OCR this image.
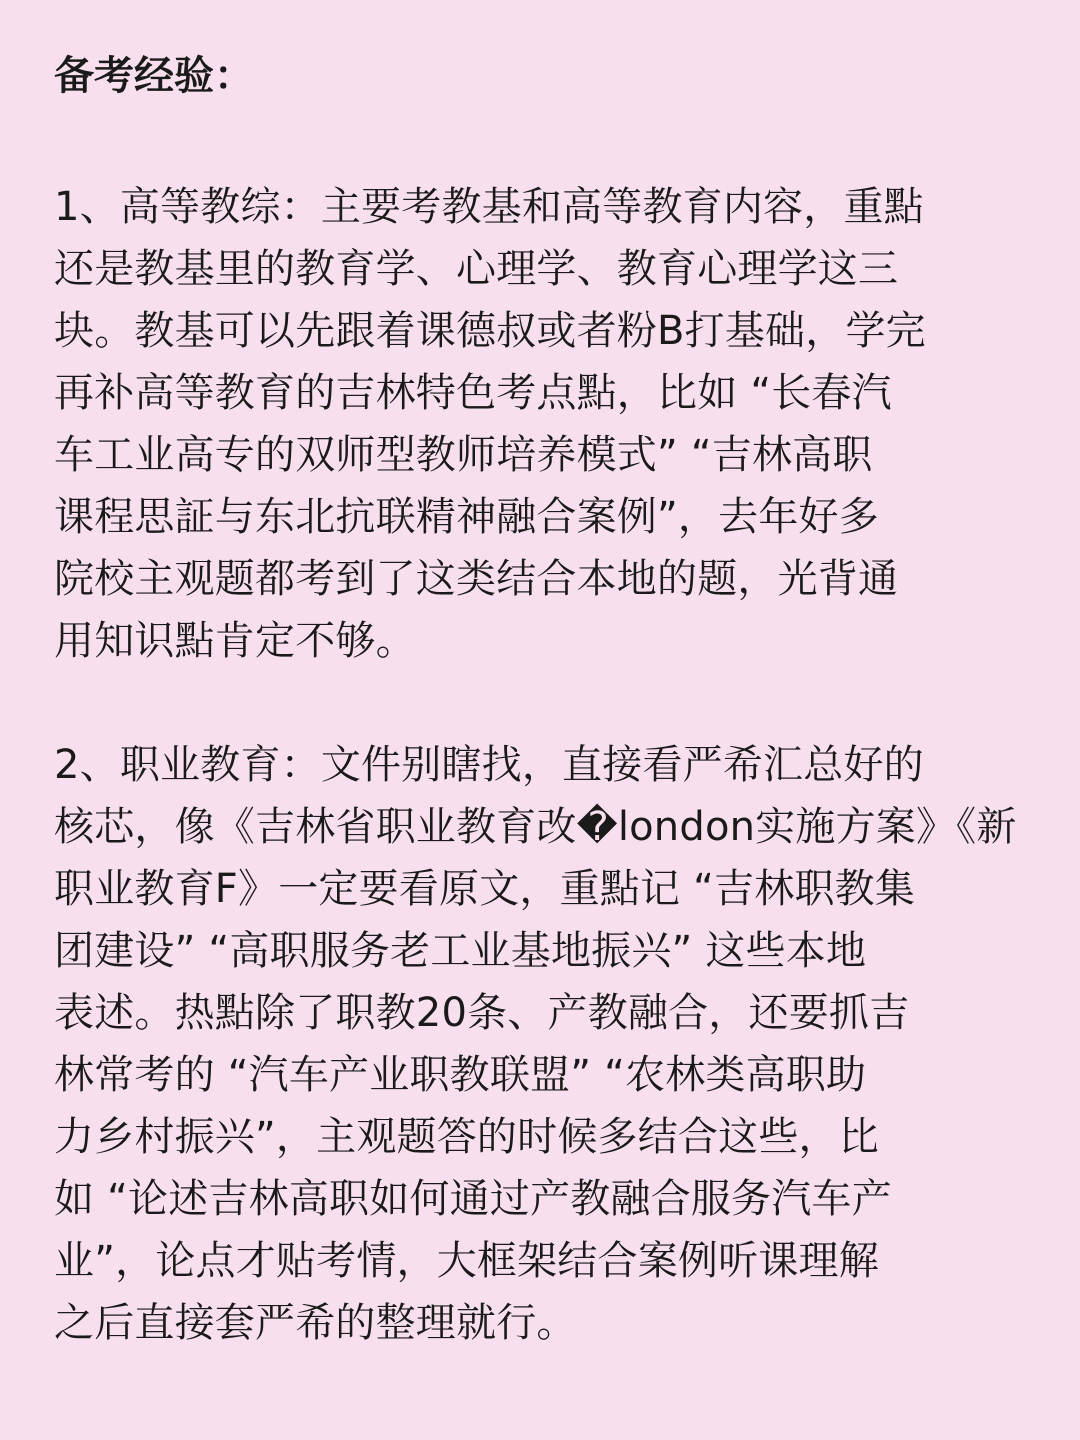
备考经验：
1、高等教综：主要考教基和高等教育内容，重點
还是教基里的教育学、心理学、教育心理学这三
块。教基可以先跟着课德叔或者粉B打基础，学完
再补高等教育的吉林特色考点點，比如 “长春汽
车工业高专的双师型教师培养模式” “吉林高职
课程思証与东北抗联精神融合案例”，去年好多
院校主观题都考到了这类结合本地的题，光背通
用知识點肯定不够。
2、职业教育：文件别瞎找，直接看严希汇总好的
核芯，像《吉林省职业教育改�london实施方案》《新
职业教育F》一定要看原文，重點记 “吉林职教集
团建设” “高职服务老工业基地振兴” 这些本地
表述。热點除了职教20条、产教融合，还要抓吉
林常考的 “汽车产业职教联盟” “农林类高职助
力乡村振兴”，主观题答的时候多结合这些，比
如 “论述吉林高职如何通过产教融合服务汽车产
业”，论点才贴考情，大框架结合案例听课理解
之后直接套严希的整理就行。
